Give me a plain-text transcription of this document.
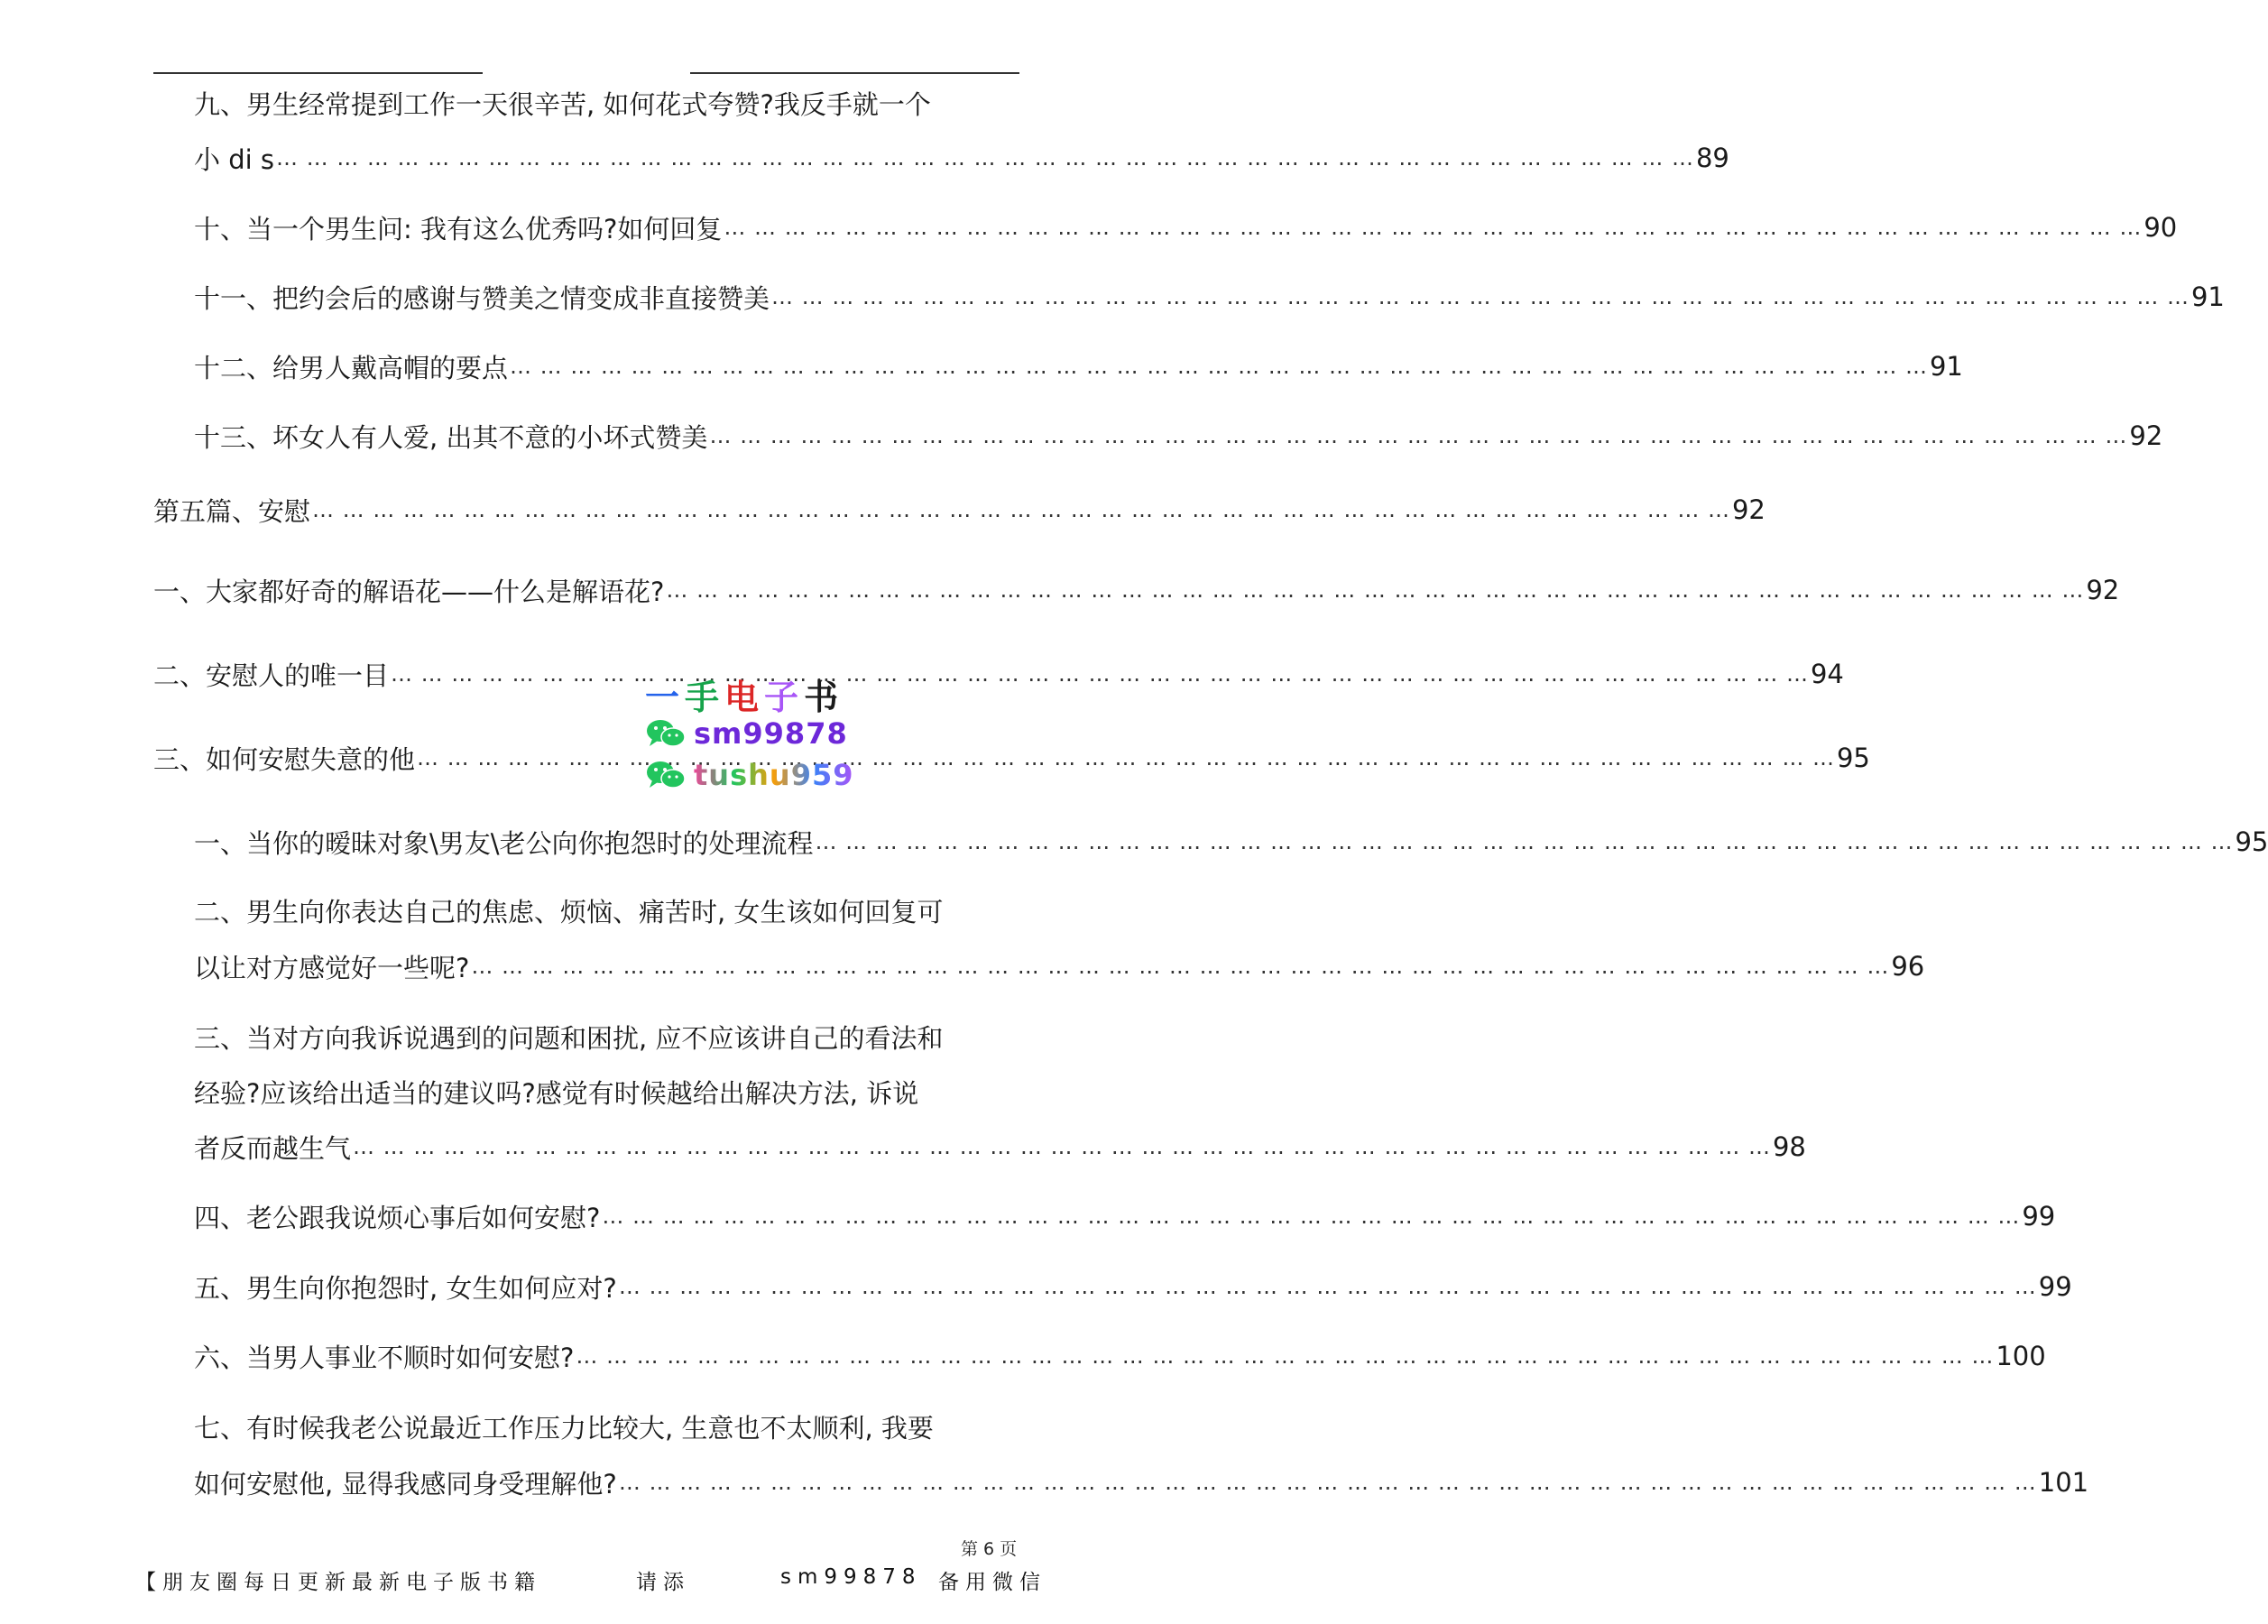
九、男生经常提到工作一天很辛苦, 如何花式夸赞?我反手就一个
小 di s … … … … … … … … … … … … … … … … … … … … … … … … … … … … … … … … … … … … … … … … … … … … … … …	89
十、当一个男生问: 我有这么优秀吗?如何回复 … … … … … … … … … … … … … … … … … … … … … … … … … … … … … … … … … … … … … … … … … … … … … … …	90
十一、把约会后的感谢与赞美之情变成非直接赞美 … … … … … … … … … … … … … … … … … … … … … … … … … … … … … … … … … … … … … … … … … … … … … … …	91
十二、给男人戴高帽的要点 … … … … … … … … … … … … … … … … … … … … … … … … … … … … … … … … … … … … … … … … … … … … … … …	91
十三、坏女人有人爱, 出其不意的小坏式赞美 … … … … … … … … … … … … … … … … … … … … … … … … … … … … … … … … … … … … … … … … … … … … … … …	92
第五篇、安慰 … … … … … … … … … … … … … … … … … … … … … … … … … … … … … … … … … … … … … … … … … … … … … … …	92
一、大家都好奇的解语花——什么是解语花? … … … … … … … … … … … … … … … … … … … … … … … … … … … … … … … … … … … … … … … … … … … … … … …	92
二、安慰人的唯一目 … … … … … … … … … … … … … … … … … … … … … … … … … … … … … … … … … … … … … … … … … … … … … … …	94
三、如何安慰失意的他 … … … … … … … … … … … … … … … … … … … … … … … … … … … … … … … … … … … … … … … … … … … … … … …	95
一、当你的暧昧对象\男友\老公向你抱怨时的处理流程 … … … … … … … … … … … … … … … … … … … … … … … … … … … … … … … … … … … … … … … … … … … … … … …	95
二、男生向你表达自己的焦虑、烦恼、痛苦时, 女生该如何回复可
以让对方感觉好一些呢? … … … … … … … … … … … … … … … … … … … … … … … … … … … … … … … … … … … … … … … … … … … … … … …	96
三、当对方向我诉说遇到的问题和困扰, 应不应该讲自己的看法和
经验?应该给出适当的建议吗?感觉有时候越给出解决方法, 诉说
者反而越生气 … … … … … … … … … … … … … … … … … … … … … … … … … … … … … … … … … … … … … … … … … … … … … … …	98
四、老公跟我说烦心事后如何安慰? … … … … … … … … … … … … … … … … … … … … … … … … … … … … … … … … … … … … … … … … … … … … … … …	99
五、男生向你抱怨时, 女生如何应对? … … … … … … … … … … … … … … … … … … … … … … … … … … … … … … … … … … … … … … … … … … … … … … …	99
六、当男人事业不顺时如何安慰? … … … … … … … … … … … … … … … … … … … … … … … … … … … … … … … … … … … … … … … … … … … … … … …	100
七、有时候我老公说最近工作压力比较大, 生意也不太顺利, 我要
如何安慰他, 显得我感同身受理解他? … … … … … … … … … … … … … … … … … … … … … … … … … … … … … … … … … … … … … … … … … … … … … … …	101
一手电子书
sm99878
tushu959
第 6 页
【朋友圈每日更新最新电子版书籍	请添	sm99878 备用微信
